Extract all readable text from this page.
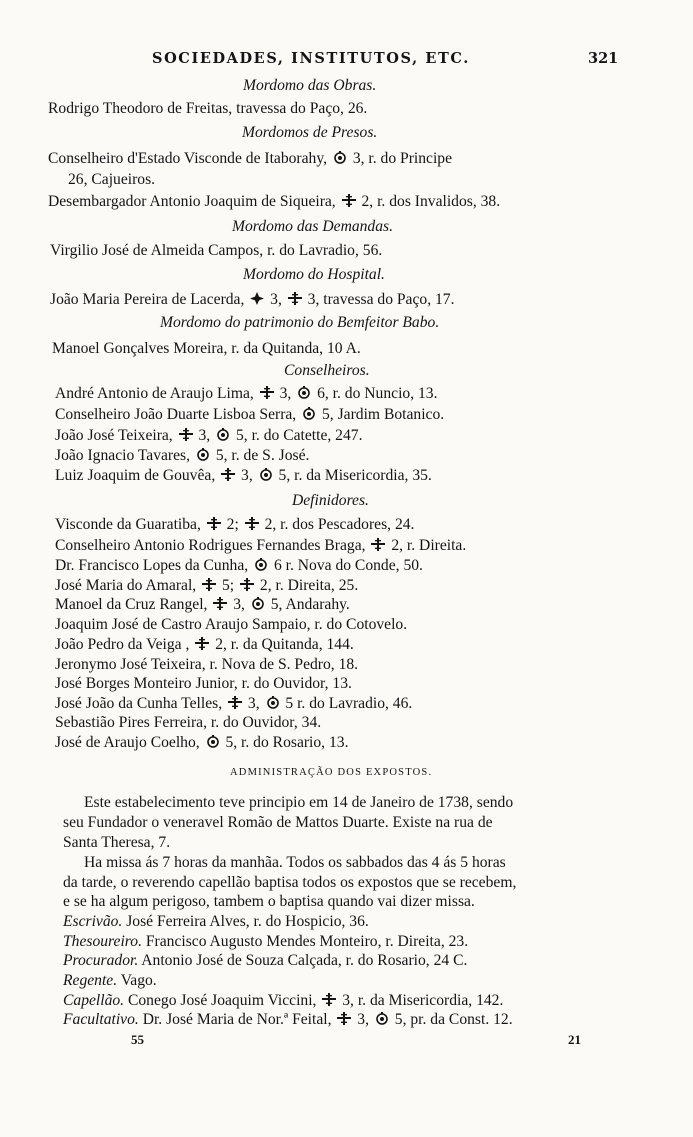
SOCIEDADES, INSTITUTOS, ETC.	321
Mordomo das Obras.
Rodrigo Theodoro de Freitas, travessa do Paço, 26.
Mordomos de Presos.
Conselheiro d'Estado Visconde de Itaborahy,
3, r. do Principe
26, Cajueiros.
Desembargador Antonio Joaquim de Siqueira,
2, r. dos Invalidos, 38.
Mordomo das Demandas.
Virgilio José de Almeida Campos, r. do Lavradio, 56.
Mordomo do Hospital.
João Maria Pereira de Lacerda,
3,
3, travessa do Paço, 17.
Mordomo do patrimonio do Bemfeitor Babo.
Manoel Gonçalves Moreira, r. da Quitanda, 10 A.
Conselheiros.
André Antonio de Araujo Lima,
3,
6, r. do Nuncio, 13.
Conselheiro João Duarte Lisboa Serra,
5, Jardim Botanico.
João José Teixeira,
3,
5, r. do Catette, 247.
João Ignacio Tavares,
5, r. de S. José.
Luiz Joaquim de Gouvêa,
3,
5, r. da Misericordia, 35.
Definidores.
Visconde da Guaratiba,
2;
2, r. dos Pescadores, 24.
Conselheiro Antonio Rodrigues Fernandes Braga,
2, r. Direita.
Dr. Francisco Lopes da Cunha,
6 r. Nova do Conde, 50.
José Maria do Amaral,
5;
2, r. Direita, 25.
Manoel da Cruz Rangel,
3,
5, Andarahy.
Joaquim José de Castro Araujo Sampaio, r. do Cotovelo.
João Pedro da Veiga ,
2, r. da Quitanda, 144.
Jeronymo José Teixeira, r. Nova de S. Pedro, 18.
José Borges Monteiro Junior, r. do Ouvidor, 13.
José João da Cunha Telles,
3,
5 r. do Lavradio, 46.
Sebastião Pires Ferreira, r. do Ouvidor, 34.
José de Araujo Coelho,
5, r. do Rosario, 13.
ADMINISTRAÇÃO DOS EXPOSTOS.
Este estabelecimento teve principio em 14 de Janeiro de 1738, sendo
seu Fundador o veneravel Romão de Mattos Duarte. Existe na rua de
Santa Theresa, 7.
Ha missa ás 7 horas da manhãa. Todos os sabbados das 4 ás 5 horas
da tarde, o reverendo capellão baptisa todos os expostos que se recebem,
e se ha algum perigoso, tambem o baptisa quando vai dizer missa.
Escrivão. José Ferreira Alves, r. do Hospicio, 36.
Thesoureiro. Francisco Augusto Mendes Monteiro, r. Direita, 23.
Procurador. Antonio José de Souza Calçada, r. do Rosario, 24 C.
Regente. Vago.
Capellão. Conego José Joaquim Viccini,
3, r. da Misericordia, 142.
Facultativo. Dr. José Maria de Nor.ª Feital,
3,
5, pr. da Const. 12.
55	21
